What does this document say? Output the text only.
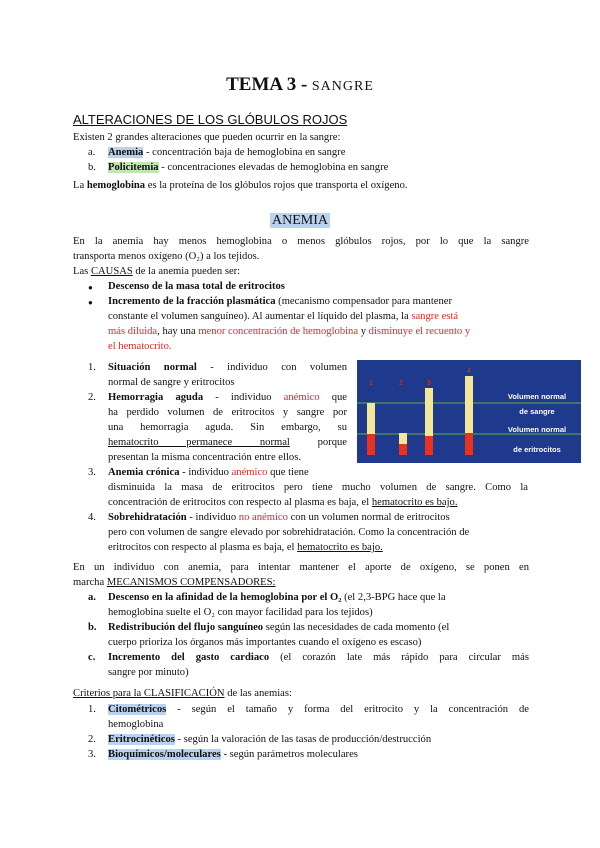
TEMA 3 - SANGRE
ALTERACIONES DE LOS GLÓBULOS ROJOS
Existen 2 grandes alteraciones que pueden ocurrir en la sangre:
a. Anemia - concentración baja de hemoglobina en sangre
b. Policitemia - concentraciones elevadas de hemoglobina en sangre
La hemoglobina es la proteína de los glóbulos rojos que transporta el oxígeno.
ANEMIA
En la anemia hay menos hemoglobina o menos glóbulos rojos, por lo que la sangre
transporta menos oxígeno (O₂) a los tejidos.
Las CAUSAS de la anemia pueden ser:
● Descenso de la masa total de eritrocitos
● Incremento de la fracción plasmática (mecanismo compensador para mantener
constante el volumen sanguíneo). Al aumentar el líquido del plasma, la sangre está
más diluida, hay una menor concentración de hemoglobina y disminuye el recuento y
el hematocrito.
1. Situación normal - individuo con volumen
normal de sangre y eritrocitos
2. Hemorragia aguda - individuo anémico que
ha perdido volumen de eritrocitos y sangre por
una hemorragia aguda. Sin embargo, su
hematocrito permanece normal porque
presentan la misma concentración entre ellos.
3. Anemia crónica - individuo anémico que tiene
disminuida la masa de eritrocitos pero tiene mucho volumen de sangre. Como la
concentración de eritrocitos con respecto al plasma es baja, el hematocrito es bajo.
4. Sobrehidratación - individuo no anémico con un volumen normal de eritrocitos
pero con volumen de sangre elevado por sobrehidratación. Como la concentración de
eritrocitos con respecto al plasma es baja, el hematocrito es bajo.
1	2	3
4
Volumen normal
de sangre
Volumen normal
de eritrocitos
En un individuo con anemia, para intentar mantener el aporte de oxígeno, se ponen en
marcha MECANISMOS COMPENSADORES:
a. Descenso en la afinidad de la hemoglobina por el O₂ (el 2,3-BPG hace que la
hemoglobina suelte el O₂ con mayor facilidad para los tejidos)
b. Redistribución del flujo sanguíneo según las necesidades de cada momento (el
cuerpo prioriza los órganos más importantes cuando el oxígeno es escaso)
c. Incremento del gasto cardiaco (el corazón late más rápido para circular más
sangre por minuto)
Criterios para la CLASIFICACIÓN de las anemias:
1. Citométricos - según el tamaño y forma del eritrocito y la concentración de
hemoglobina
2. Eritrocinéticos - según la valoración de las tasas de producción/destrucción
3. Bioquímicos/moleculares - según parámetros moleculares
